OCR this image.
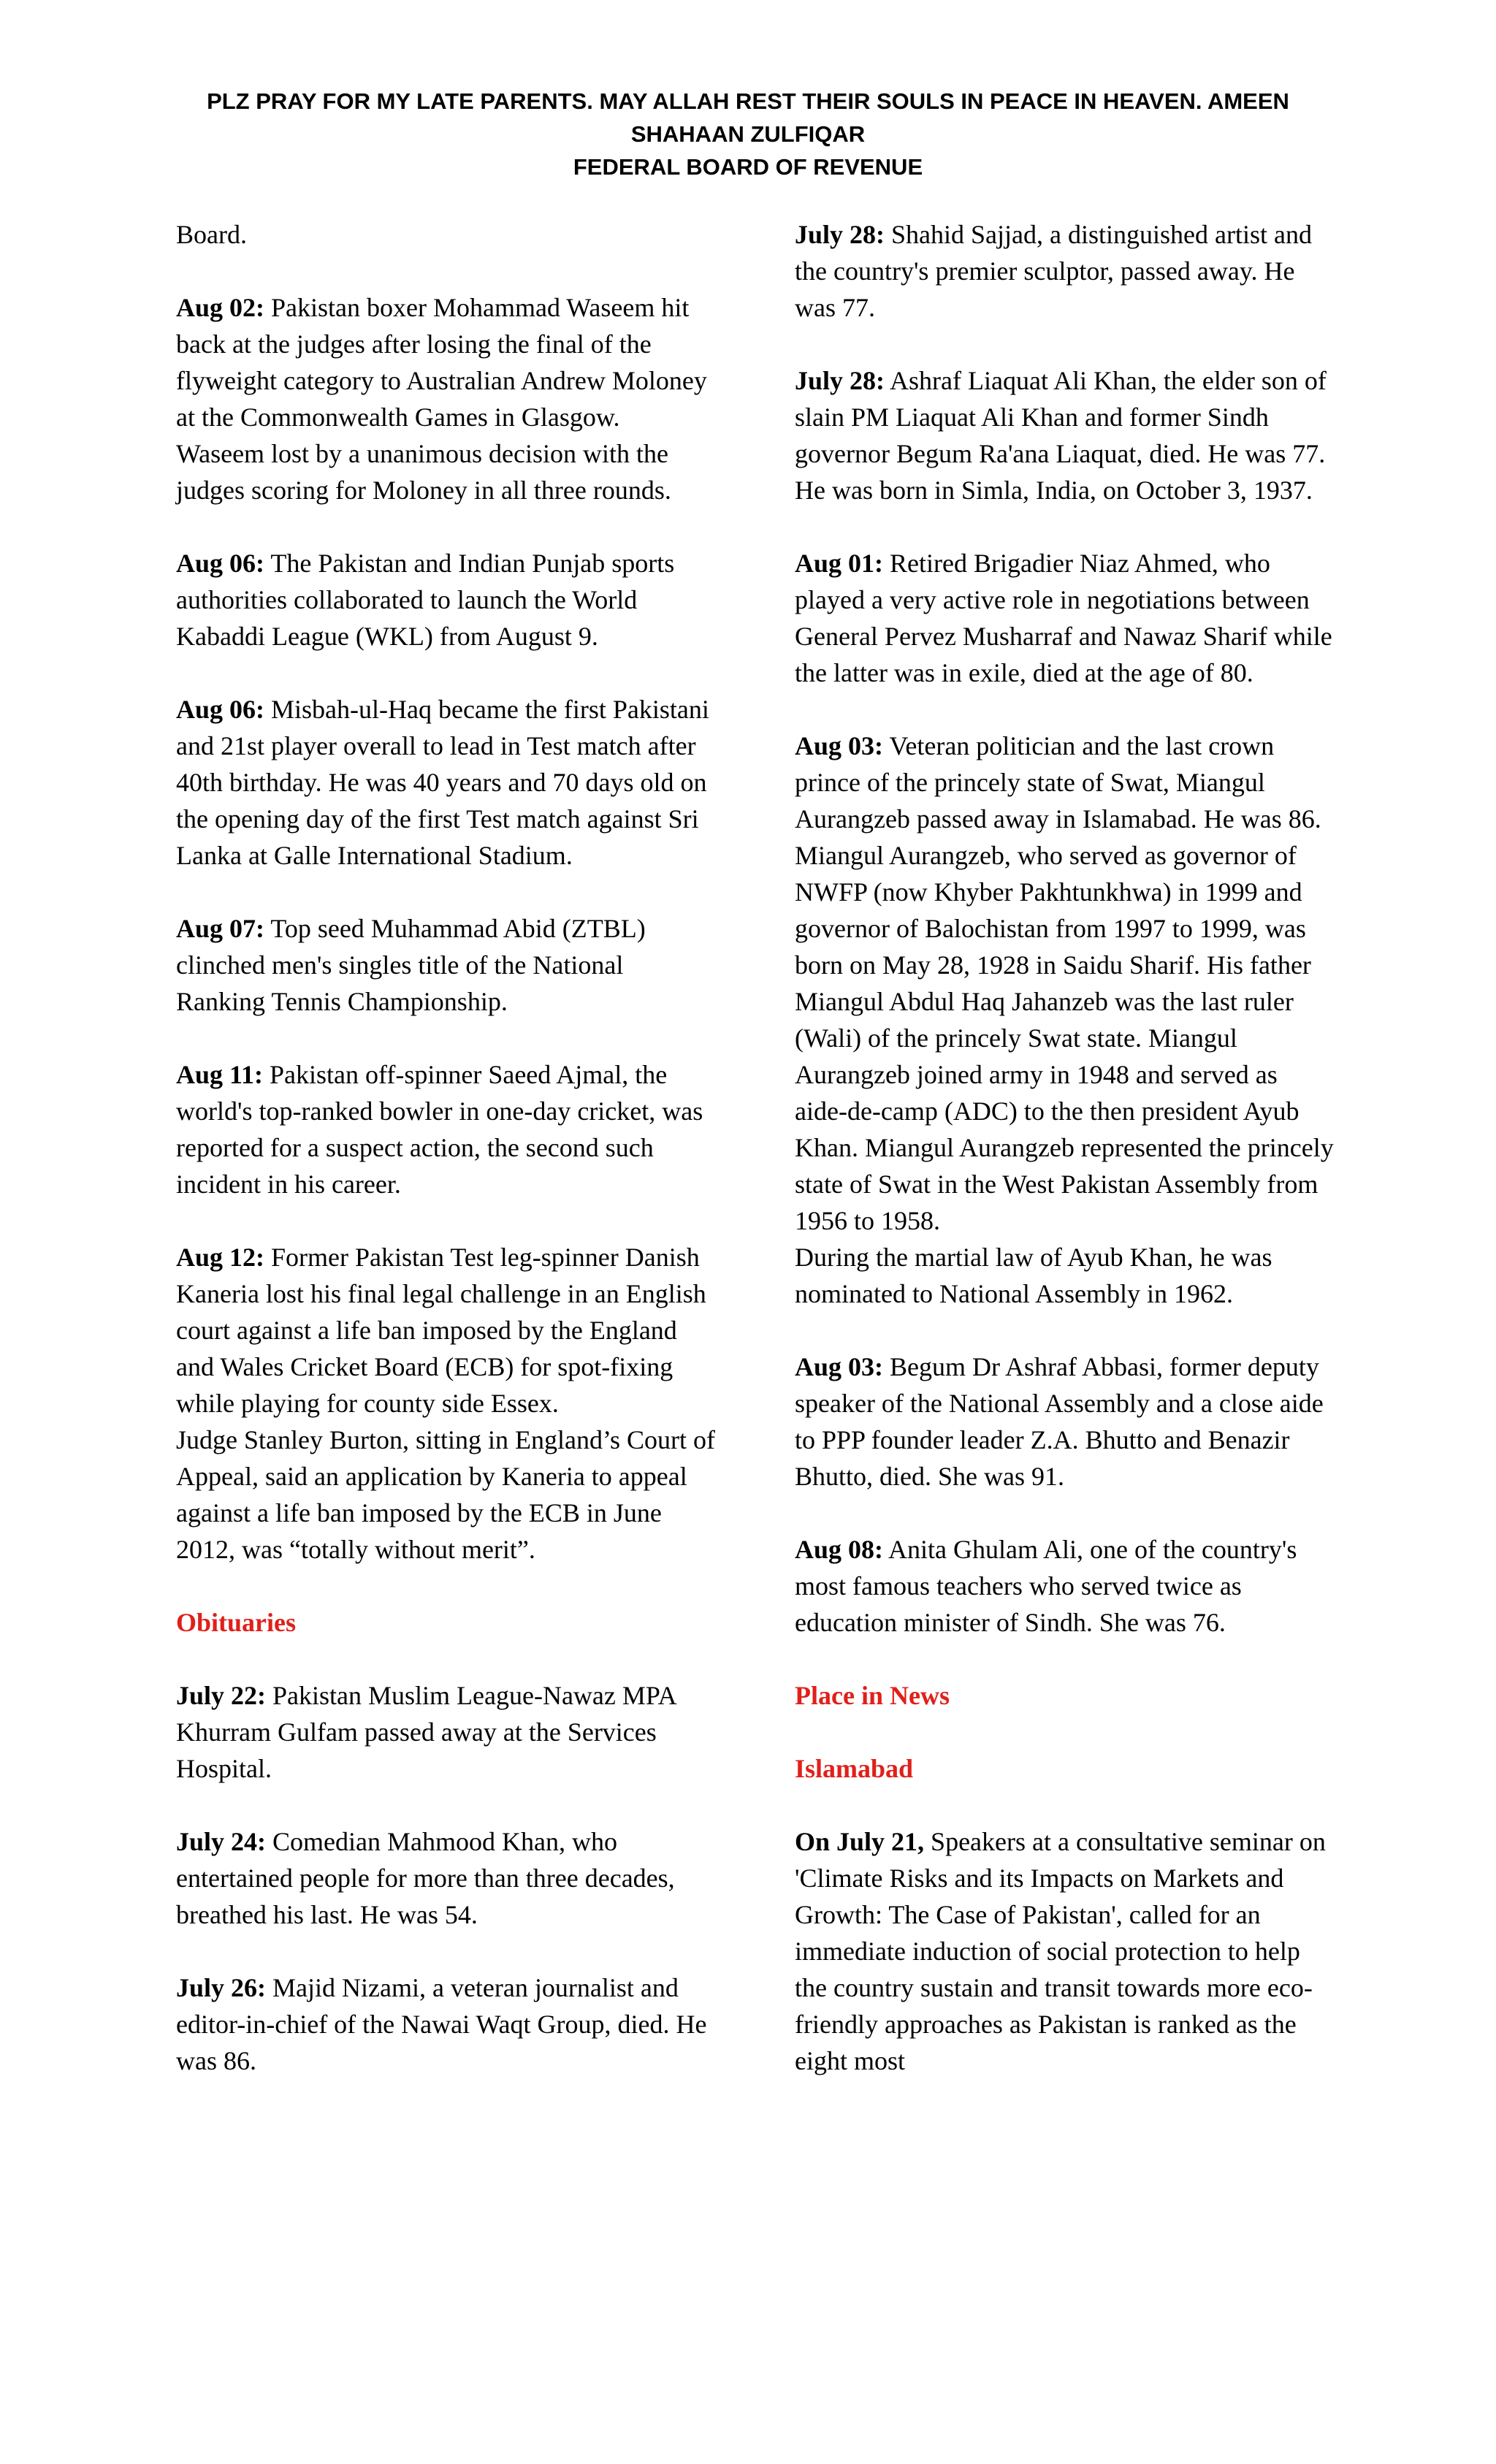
PLZ PRAY FOR MY LATE PARENTS. MAY ALLAH REST THEIR SOULS IN PEACE IN HEAVEN. AMEEN
SHAHAAN ZULFIQAR
FEDERAL BOARD OF REVENUE

Board.

Aug 02: Pakistan boxer Mohammad Waseem hit back at the judges after losing the final of the flyweight category to Australian Andrew Moloney at the Commonwealth Games in Glasgow.
Waseem lost by a unanimous decision with the judges scoring for Moloney in all three rounds.

Aug 06: The Pakistan and Indian Punjab sports authorities collaborated to launch the World Kabaddi League (WKL) from August 9.

Aug 06: Misbah-ul-Haq became the first Pakistani and 21st player overall to lead in Test match after 40th birthday. He was 40 years and 70 days old on the opening day of the first Test match against Sri Lanka at Galle International Stadium.

Aug 07: Top seed Muhammad Abid (ZTBL) clinched men's singles title of the National Ranking Tennis Championship.

Aug 11: Pakistan off-spinner Saeed Ajmal, the world's top-ranked bowler in one-day cricket, was reported for a suspect action, the second such incident in his career.

Aug 12: Former Pakistan Test leg-spinner Danish Kaneria lost his final legal challenge in an English court against a life ban imposed by the England and Wales Cricket Board (ECB) for spot-fixing while playing for county side Essex.
Judge Stanley Burton, sitting in England’s Court of Appeal, said an application by Kaneria to appeal against a life ban imposed by the ECB in June 2012, was “totally without merit”.

Obituaries

July 22: Pakistan Muslim League-Nawaz MPA Khurram Gulfam passed away at the Services Hospital.

July 24: Comedian Mahmood Khan, who entertained people for more than three decades, breathed his last. He was 54.

July 26: Majid Nizami, a veteran journalist and editor-in-chief of the Nawai Waqt Group, died. He was 86.

July 28: Shahid Sajjad, a distinguished artist and the country's premier sculptor, passed away. He was 77.

July 28: Ashraf Liaquat Ali Khan, the elder son of slain PM Liaquat Ali Khan and former Sindh governor Begum Ra'ana Liaquat, died. He was 77.
He was born in Simla, India, on October 3, 1937.

Aug 01: Retired Brigadier Niaz Ahmed, who played a very active role in negotiations between General Pervez Musharraf and Nawaz Sharif while the latter was in exile, died at the age of 80.

Aug 03: Veteran politician and the last crown prince of the princely state of Swat, Miangul Aurangzeb passed away in Islamabad. He was 86.
Miangul Aurangzeb, who served as governor of NWFP (now Khyber Pakhtunkhwa) in 1999 and governor of Balochistan from 1997 to 1999, was born on May 28, 1928 in Saidu Sharif. His father Miangul Abdul Haq Jahanzeb was the last ruler (Wali) of the princely Swat state. Miangul Aurangzeb joined army in 1948 and served as aide-de-camp (ADC) to the then president Ayub Khan. Miangul Aurangzeb represented the princely state of Swat in the West Pakistan Assembly from 1956 to 1958.
During the martial law of Ayub Khan, he was nominated to National Assembly in 1962.

Aug 03: Begum Dr Ashraf Abbasi, former deputy speaker of the National Assembly and a close aide to PPP founder leader Z.A. Bhutto and Benazir Bhutto, died. She was 91.

Aug 08: Anita Ghulam Ali, one of the country's most famous teachers who served twice as education minister of Sindh. She was 76.

Place in News

Islamabad

On July 21, Speakers at a consultative seminar on 'Climate Risks and its Impacts on Markets and Growth: The Case of Pakistan', called for an immediate induction of social protection to help the country sustain and transit towards more eco-friendly approaches as Pakistan is ranked as the eight most
